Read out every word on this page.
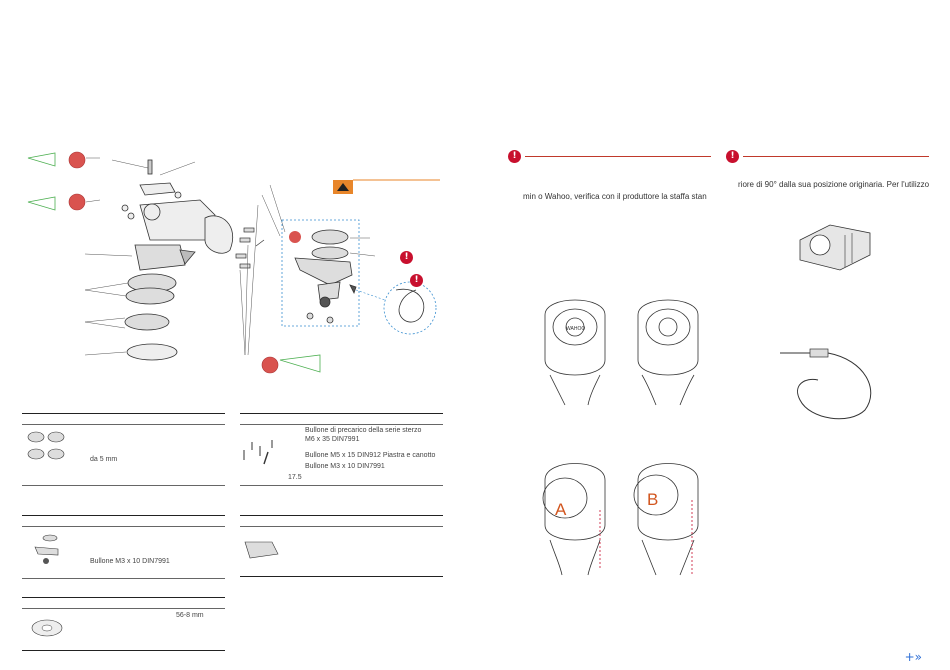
!
!
da 5 mm
Bullone M3 x 10 DIN7991
56-8 mm
Bullone di precarico della serie sterzo
M6 x 35 DIN7991
Bullone M5 x 15 DIN912 Piastra e canotto
Bullone M3 x 10 DIN7991
17.5
!
min o Wahoo, verifica con il produttore la staffa stan
!
riore di 90° dalla sua posizione originaria. Per l'utilizzo
WAHOO
A
B
+»
